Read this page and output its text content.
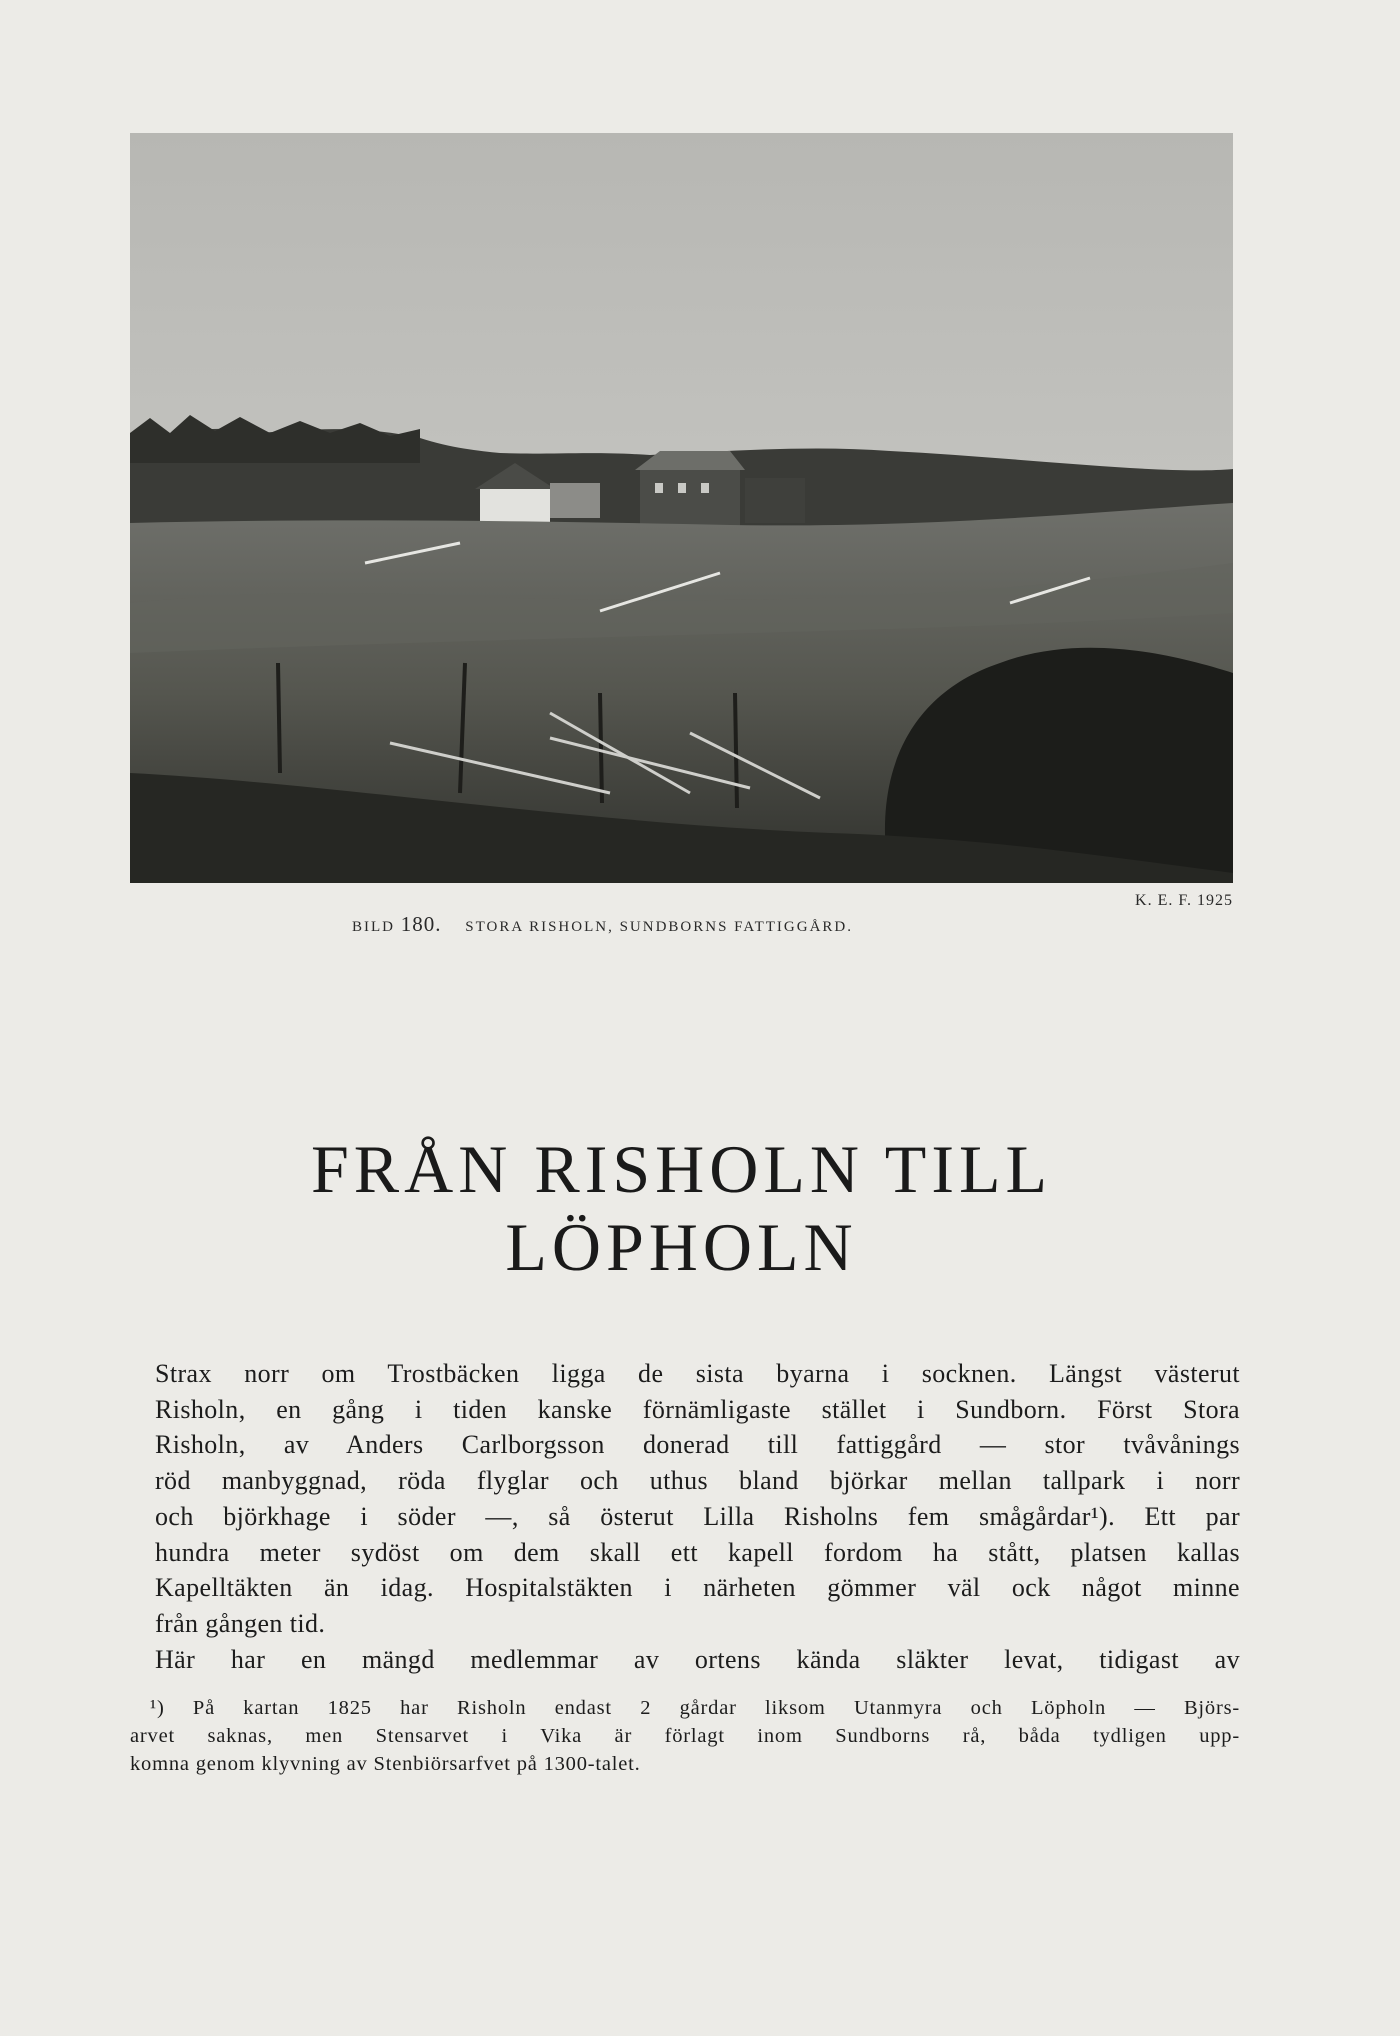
BILD 180. STORA RISHOLN, SUNDBORNS FATTIGGÅRD.
K. E. F. 1925
FRÅN RISHOLN TILL
LÖPHOLN

Strax norr om Trostbäcken ligga de sista byarna i socknen. Längst västerut

Risholn, en gång i tiden kanske förnämligaste stället i Sundborn. Först Stora

Risholn, av Anders Carlborgsson donerad till fattiggård — stor tvåvånings

röd manbyggnad, röda flyglar och uthus bland björkar mellan tallpark i norr

och björkhage i söder —, så österut Lilla Risholns fem smågårdar¹). Ett par

hundra meter sydöst om dem skall ett kapell fordom ha stått, platsen kallas

Kapelltäkten än idag. Hospitalstäkten i närheten gömmer väl ock något minne

från gången tid.

Här har en mängd medlemmar av ortens kända släkter levat, tidigast av

¹) På kartan 1825 har Risholn endast 2 gårdar liksom Utanmyra och Löpholn — Björs-

arvet saknas, men Stensarvet i Vika är förlagt inom Sundborns rå, båda tydligen upp-

komna genom klyvning av Stenbiörsarfvet på 1300-talet.
